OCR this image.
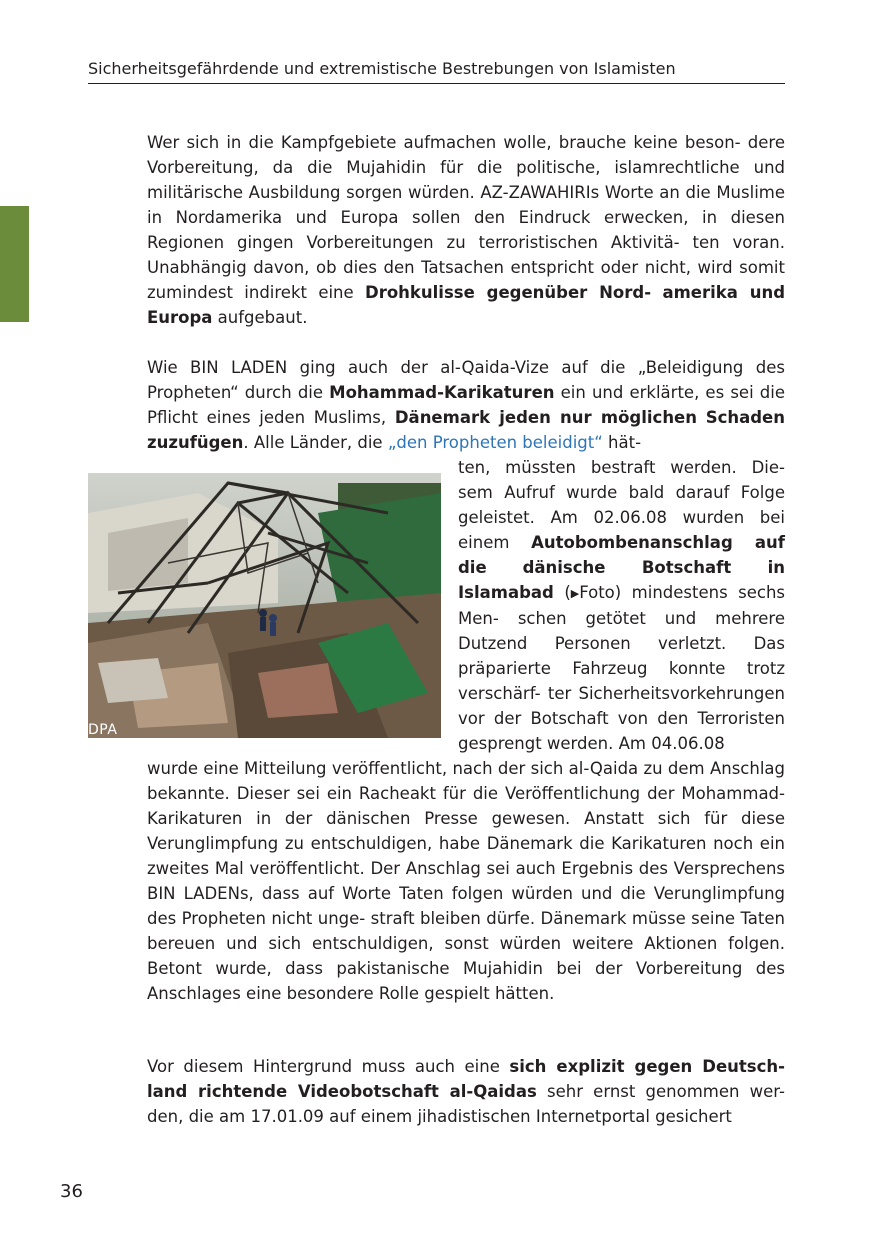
Sicherheitsgefährdende und extremistische Bestrebungen von Islamisten

Wer sich in die Kampfgebiete aufmachen wolle, brauche keine beson- dere Vorbereitung, da die Mujahidin für die politische, islamrechtliche und militärische Ausbildung sorgen würden. AZ-ZAWAHIRIs Worte an die Muslime in Nordamerika und Europa sollen den Eindruck erwecken, in diesen Regionen gingen Vorbereitungen zu terroristischen Aktivitä- ten voran. Unabhängig davon, ob dies den Tatsachen entspricht oder nicht, wird somit zumindest indirekt eine Drohkulisse gegenüber Nord- amerika und Europa aufgebaut.

Wie BIN LADEN ging auch der al-Qaida-Vize auf die „Beleidigung des Propheten“ durch die Mohammad-Karikaturen ein und erklärte, es sei die Pflicht eines jeden Muslims, Dänemark jeden nur möglichen Schaden zuzufügen. Alle Länder, die „den Propheten beleidigt“ hät-

ten, müssten bestraft werden. Die- sem Aufruf wurde bald darauf Folge geleistet. Am 02.06.08 wurden bei einem Autobombenanschlag auf die dänische Botschaft in Islamabad (▶Foto) mindestens sechs Men- schen getötet und mehrere Dutzend Personen verletzt. Das präparierte Fahrzeug konnte trotz verschärf- ter Sicherheitsvorkehrungen vor der Botschaft von den Terroristen gesprengt werden. Am 04.06.08

wurde eine Mitteilung veröffentlicht, nach der sich al-Qaida zu dem Anschlag bekannte. Dieser sei ein Racheakt für die Veröffentlichung der Mohammad-Karikaturen in der dänischen Presse gewesen. Anstatt sich für diese Verunglimpfung zu entschuldigen, habe Dänemark die Karikaturen noch ein zweites Mal veröffentlicht. Der Anschlag sei auch Ergebnis des Versprechens BIN LADENs, dass auf Worte Taten folgen würden und die Verunglimpfung des Propheten nicht unge- straft bleiben dürfe. Dänemark müsse seine Taten bereuen und sich entschuldigen, sonst würden weitere Aktionen folgen. Betont wurde, dass pakistanische Mujahidin bei der Vorbereitung des Anschlages eine besondere Rolle gespielt hätten.

Vor diesem Hintergrund muss auch eine sich explizit gegen Deutsch- land richtende Videobotschaft al-Qaidas sehr ernst genommen wer- den, die am 17.01.09 auf einem jihadistischen Internetportal gesichert

DPA
36
